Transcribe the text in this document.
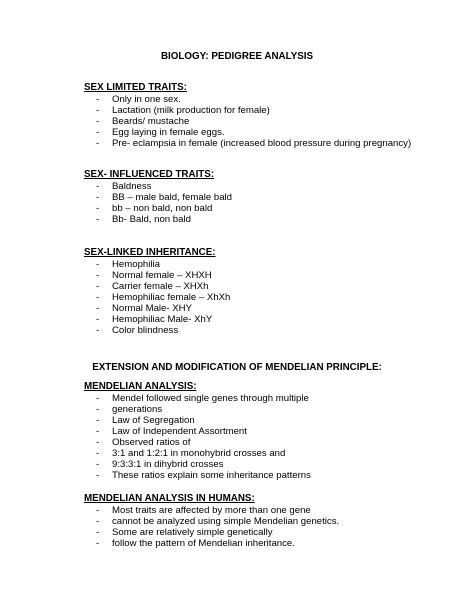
BIOLOGY: PEDIGREE ANALYSIS
SEX LIMITED TRAITS:
- Only in one sex.
- Lactation (milk production for female)
- Beards/ mustache
- Egg laying in female eggs.
- Pre- eclampsia in female (increased blood pressure during pregnancy)
SEX- INFLUENCED TRAITS:
- Baldness
- BB – male bald, female bald
- bb – non bald, non bald
- Bb- Bald, non bald
SEX-LINKED INHERITANCE:
- Hemophilia
- Normal female – XHXH
- Carrier female – XHXh
- Hemophiliac female – XhXh
- Normal Male- XHY
- Hemophiliac Male- XhY
- Color blindness
EXTENSION AND MODIFICATION OF MENDELIAN PRINCIPLE:
MENDELIAN ANALYSIS:
- Mendel followed single genes through multiple
- generations
-Law of Segregation
-Law of Independent Assortment
- Observed ratios of
- 3:1 and 1:2:1 in monohybrid crosses and
- 9:3:3:1 in dihybrid crosses
- These ratios explain some inheritance patterns
MENDELIAN ANALYSIS IN HUMANS:
- Most traits are affected by more than one gene
-cannot be analyzed using simple Mendelian genetics.
- Some are relatively simple genetically
-follow the pattern of Mendelian inheritance.
